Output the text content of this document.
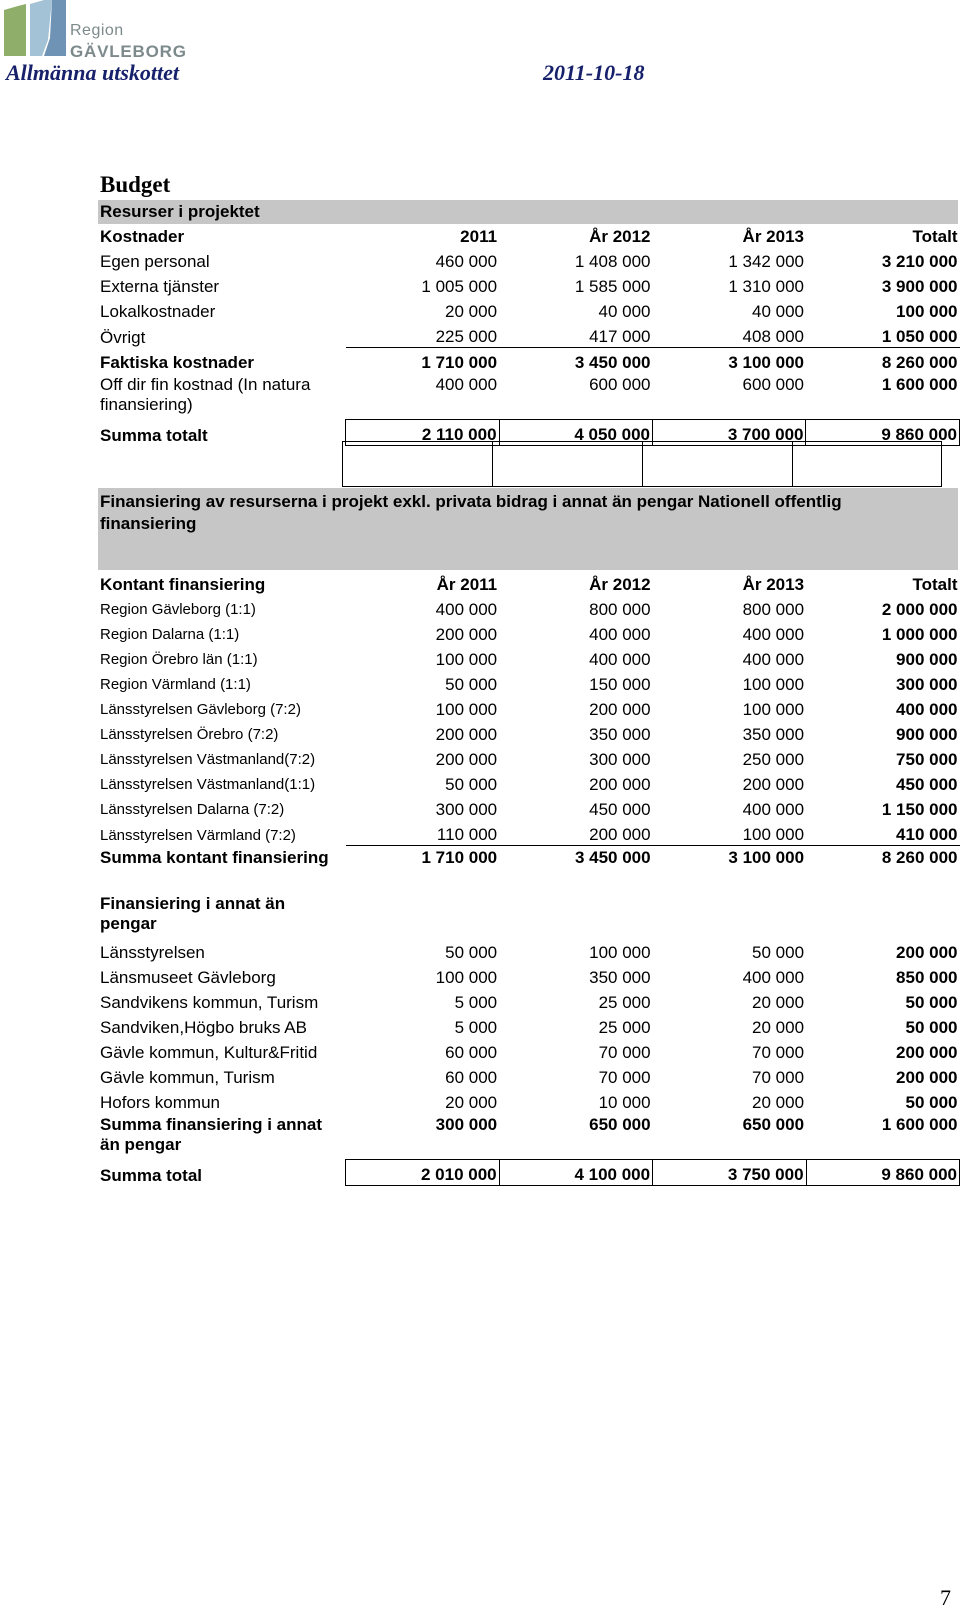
Region
GÄVLEBORG
Allmänna utskottet	2011-10-18
Budget
Resurser i projektet
Kostnader	2011	År 2012	År 2013	Totalt
Egen personal	460 000	1 408 000	1 342 000	3 210 000
Externa tjänster	1 005 000	1 585 000	1 310 000	3 900 000
Lokalkostnader	20 000	40 000	40 000	100 000
Övrigt	225 000	417 000	408 000	1 050 000
Faktiska kostnader	1 710 000	3 450 000	3 100 000	8 260 000
Off dir fin kostnad (In natura finansiering)	400 000	600 000	600 000	1 600 000
Summa totalt	2 110 000	4 050 000	3 700 000	9 860 000
Finansiering av resurserna i projekt exkl. privata bidrag i annat än pengar Nationell offentlig finansiering
Kontant finansiering	År 2011	År 2012	År 2013	Totalt
Region Gävleborg (1:1)	400 000	800 000	800 000	2 000 000
Region Dalarna (1:1)	200 000	400 000	400 000	1 000 000
Region Örebro län (1:1)	100 000	400 000	400 000	900 000
Region Värmland (1:1)	50 000	150 000	100 000	300 000
Länsstyrelsen Gävleborg (7:2)	100 000	200 000	100 000	400 000
Länsstyrelsen Örebro (7:2)	200 000	350 000	350 000	900 000
Länsstyrelsen Västmanland(7:2)	200 000	300 000	250 000	750 000
Länsstyrelsen Västmanland(1:1)	50 000	200 000	200 000	450 000
Länsstyrelsen Dalarna (7:2)	300 000	450 000	400 000	1 150 000
Länsstyrelsen Värmland (7:2)	110 000	200 000	100 000	410 000
Summa kontant finansiering	1 710 000	3 450 000	3 100 000	8 260 000
Finansiering i annat än pengar				
Länsstyrelsen	50 000	100 000	50 000	200 000
Länsmuseet Gävleborg	100 000	350 000	400 000	850 000
Sandvikens kommun, Turism	5 000	25 000	20 000	50 000
Sandviken,Högbo bruks AB	5 000	25 000	20 000	50 000
Gävle kommun, Kultur&Fritid	60 000	70 000	70 000	200 000
Gävle kommun, Turism	60 000	70 000	70 000	200 000
Hofors kommun	20 000	10 000	20 000	50 000
Summa finansiering i annat än pengar	300 000	650 000	650 000	1 600 000
Summa total	2 010 000	4 100 000	3 750 000	9 860 000
7
